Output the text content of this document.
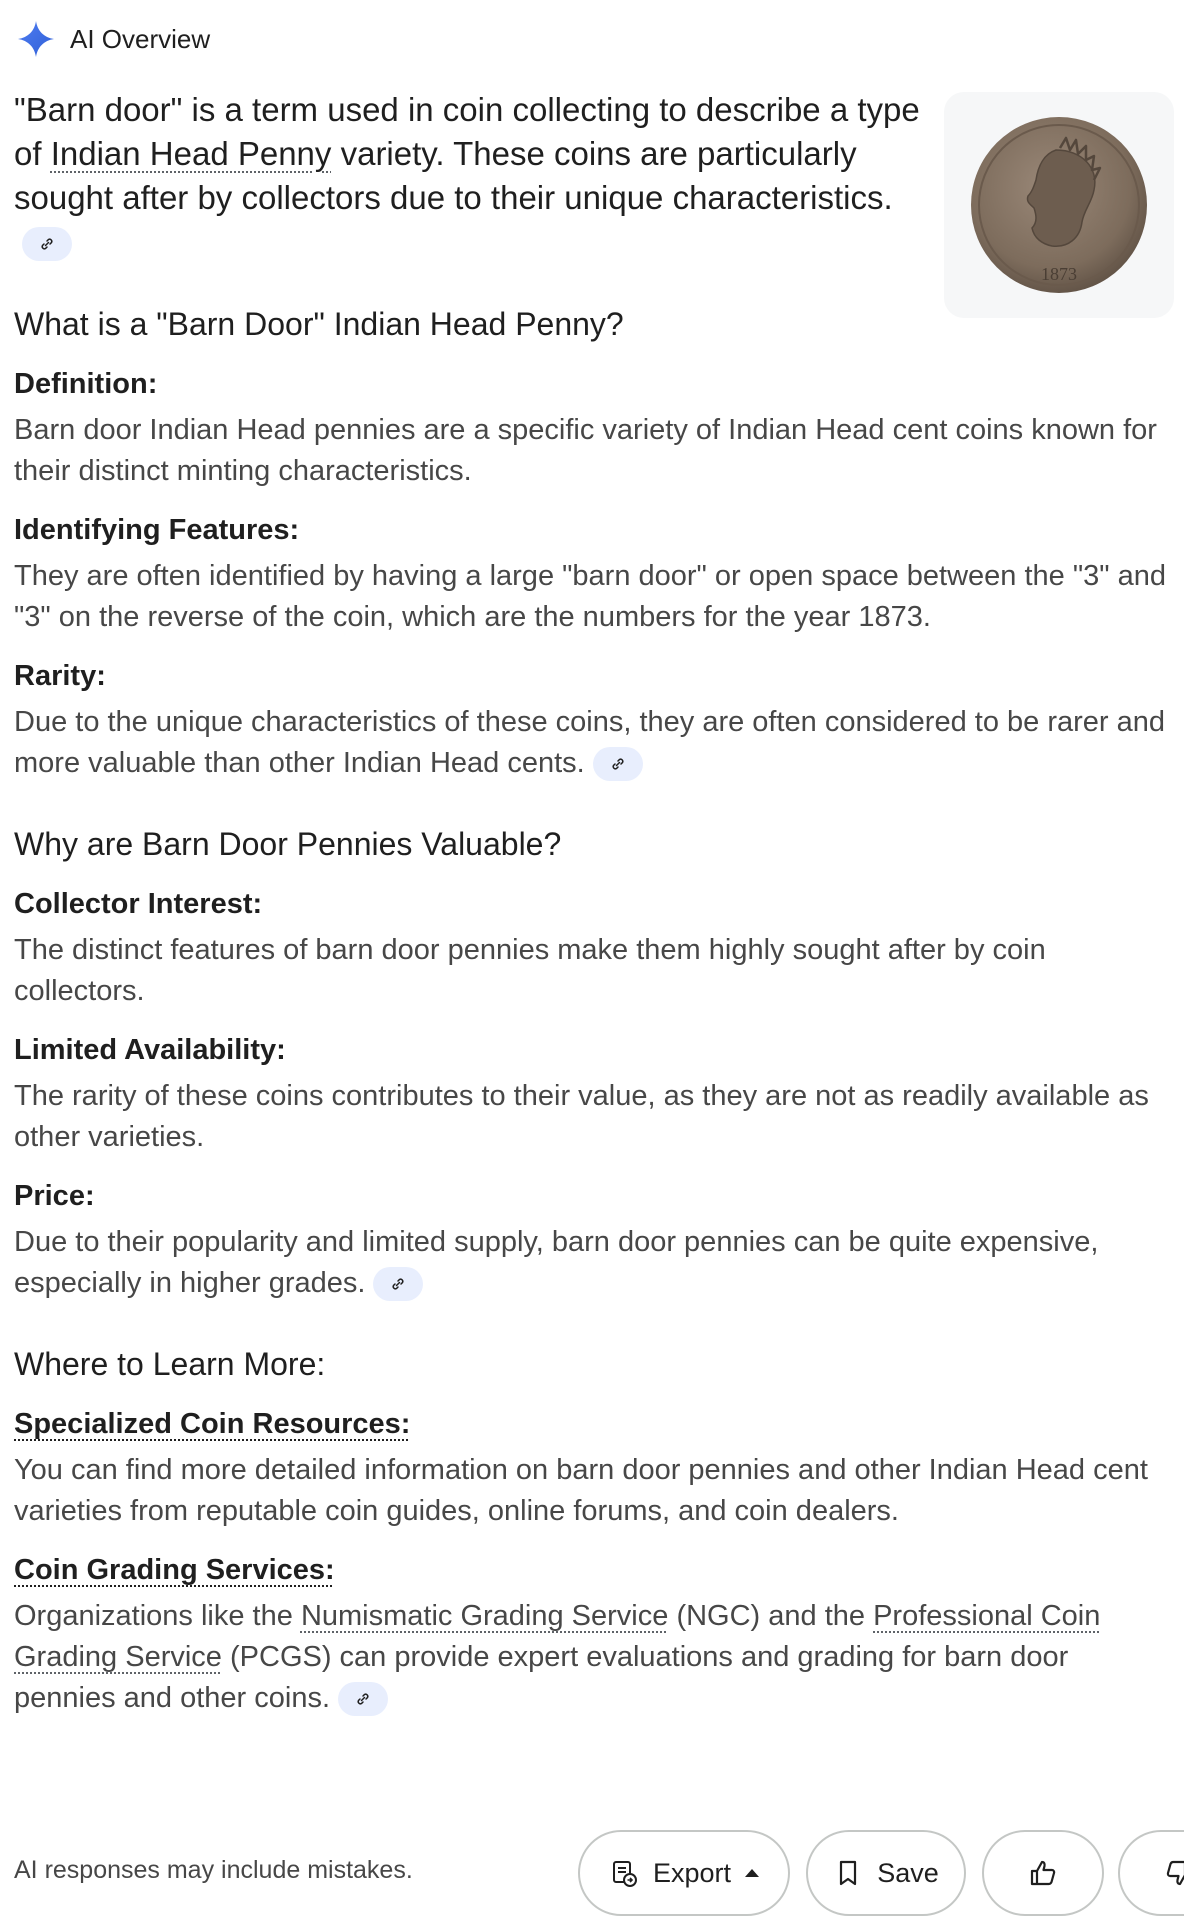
AI Overview

"Barn door" is a term used in coin collecting to describe a type of Indian Head Penny variety. These coins are particularly sought after by collectors due to their unique characteristics.

1873
What is a "Barn Door" Indian Head Penny?
Definition:

Barn door Indian Head pennies are a specific variety of Indian Head cent coins known for their distinct minting characteristics.

Identifying Features:

They are often identified by having a large "barn door" or open space between the "3" and "3" on the reverse of the coin, which are the numbers for the year 1873.

Rarity:

Due to the unique characteristics of these coins, they are often considered to be rarer and more valuable than other Indian Head cents.

Why are Barn Door Pennies Valuable?
Collector Interest:

The distinct features of barn door pennies make them highly sought after by coin collectors.

Limited Availability:

The rarity of these coins contributes to their value, as they are not as readily available as other varieties.

Price:

Due to their popularity and limited supply, barn door pennies can be quite expensive, especially in higher grades.

Where to Learn More:
Specialized Coin Resources:

You can find more detailed information on barn door pennies and other Indian Head cent varieties from reputable coin guides, online forums, and coin dealers.

Coin Grading Services:

Organizations like the Numismatic Grading Service (NGC) and the Professional Coin Grading Service (PCGS) can provide expert evaluations and grading for barn door pennies and other coins.

AI responses may include mistakes.	Export	Save
